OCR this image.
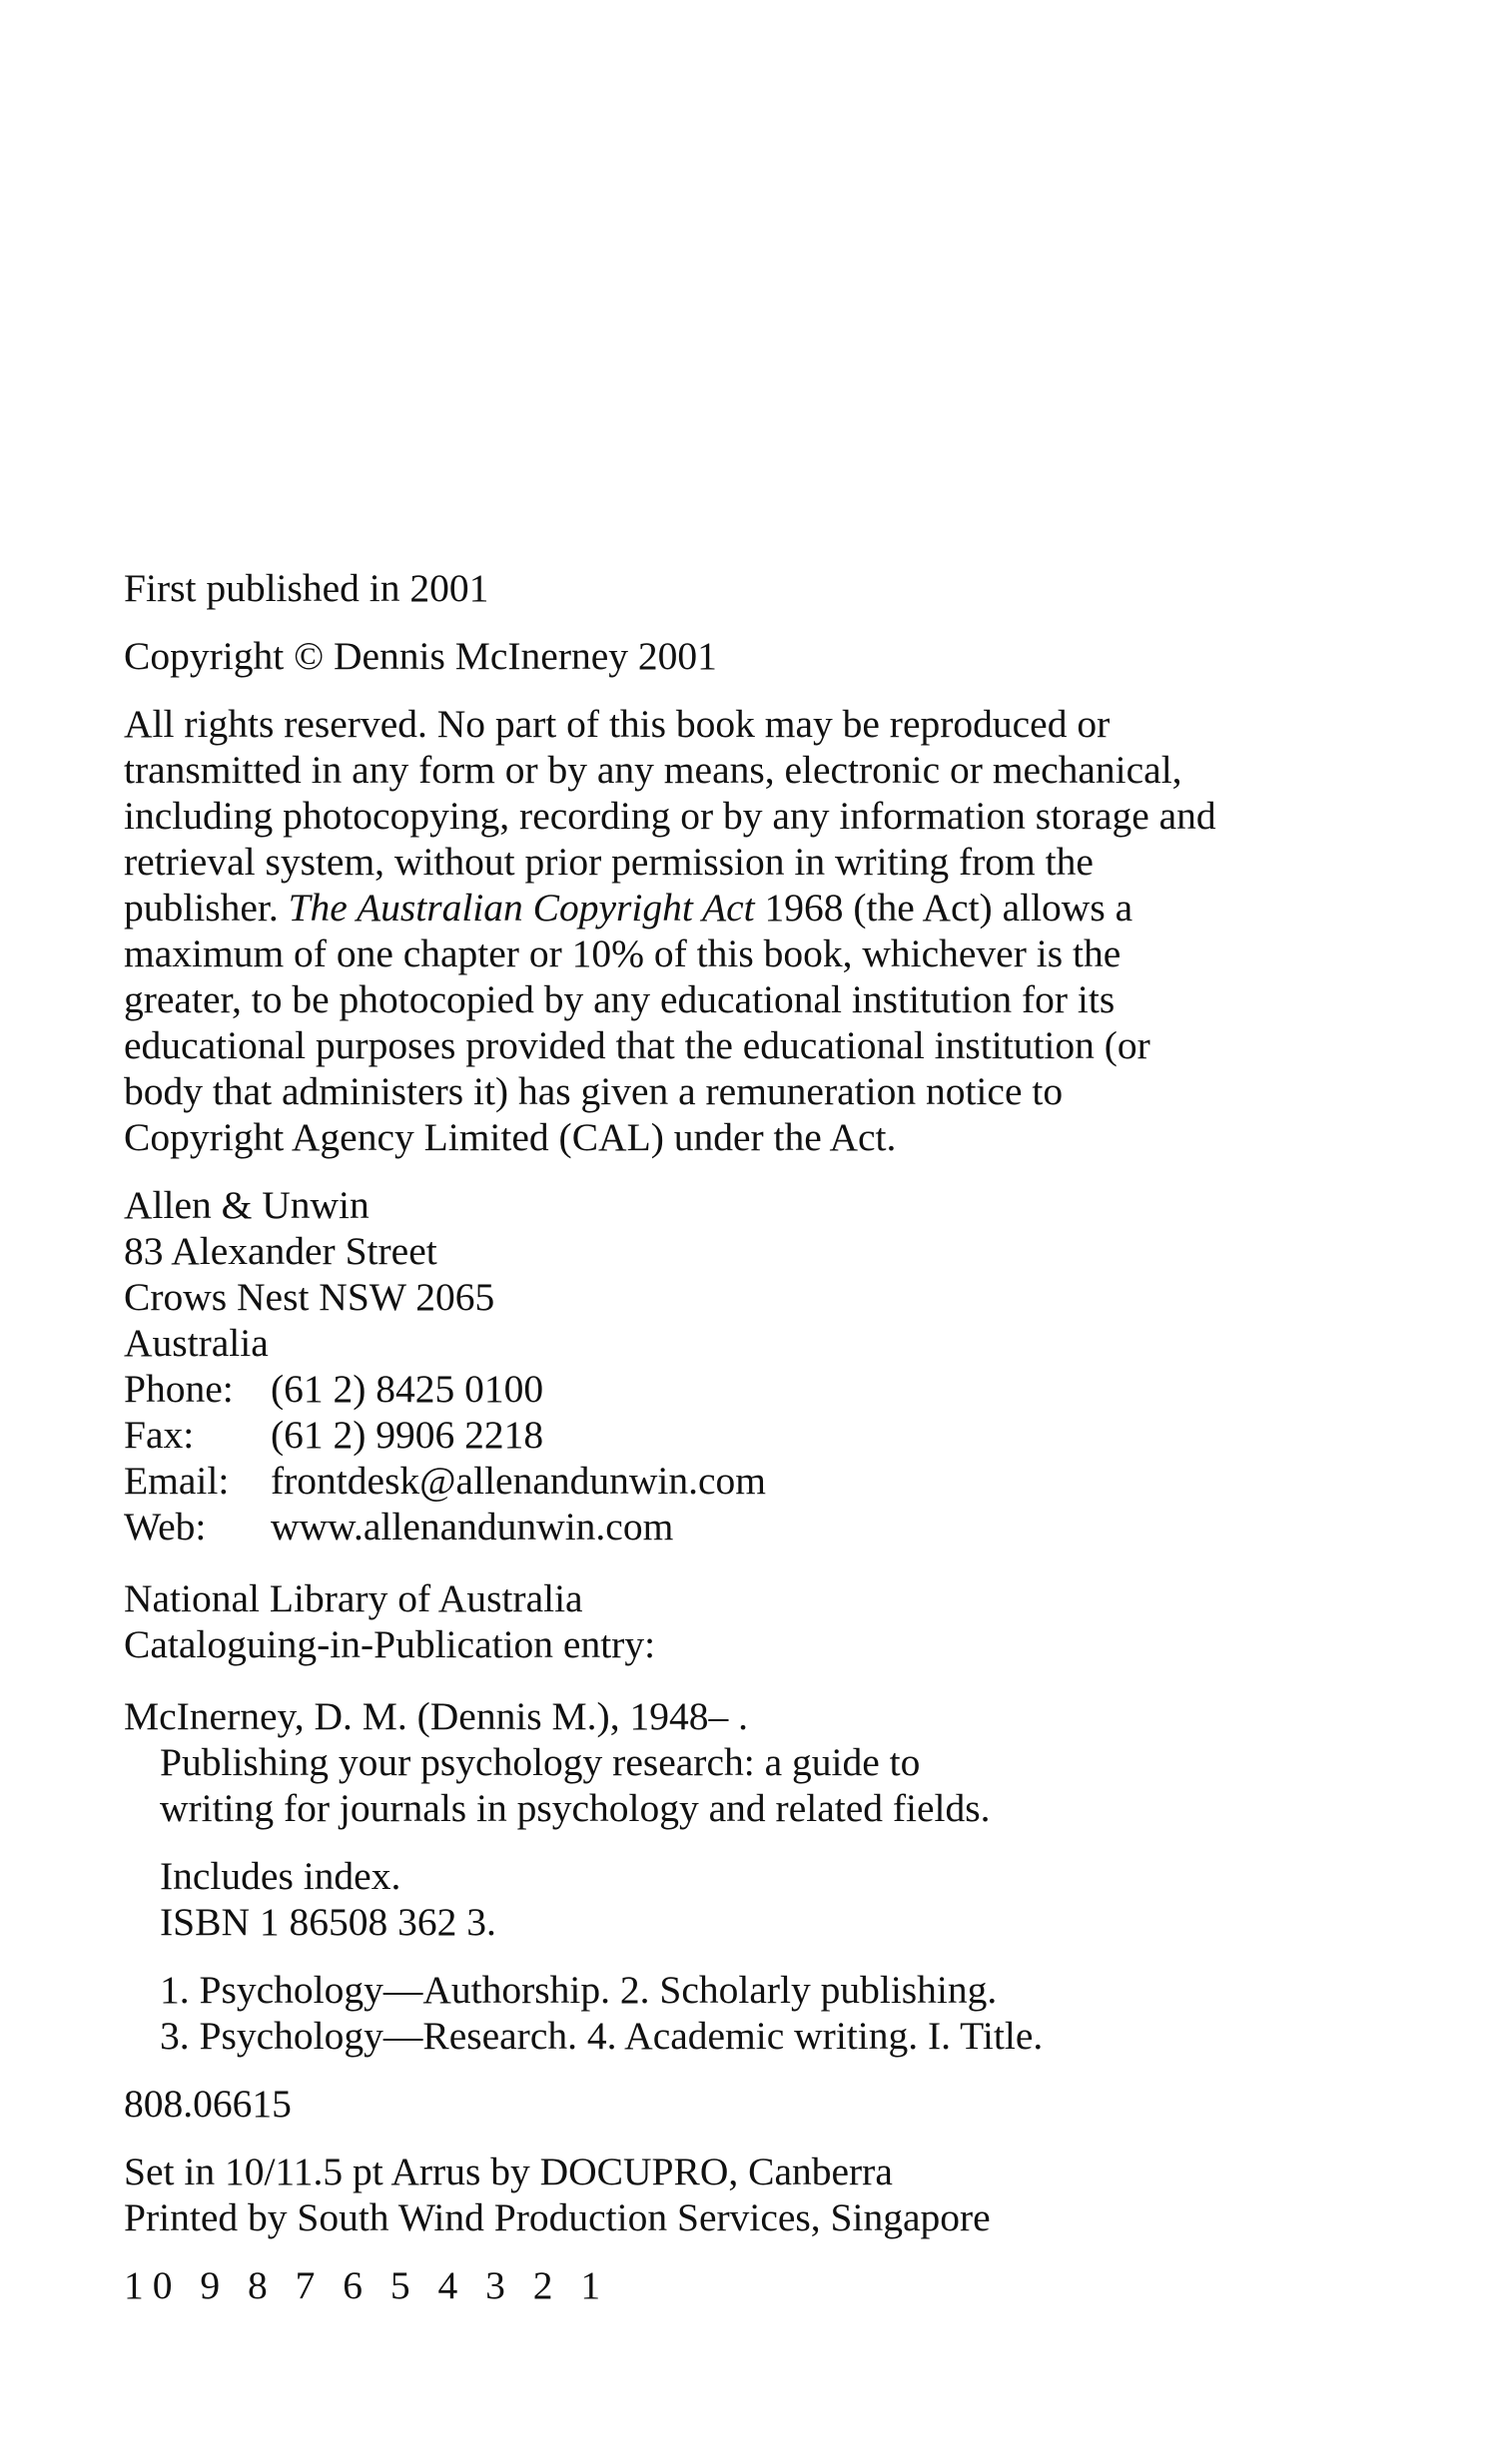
First published in 2001

Copyright © Dennis McInerney 2001

All rights reserved. No part of this book may be reproduced or
transmitted in any form or by any means, electronic or mechanical,
including photocopying, recording or by any information storage and
retrieval system, without prior permission in writing from the
publisher. The Australian Copyright Act 1968 (the Act) allows a
maximum of one chapter or 10% of this book, whichever is the
greater, to be photocopied by any educational institution for its
educational purposes provided that the educational institution (or
body that administers it) has given a remuneration notice to
Copyright Agency Limited (CAL) under the Act.
Allen & Unwin
83 Alexander Street
Crows Nest NSW 2065
Australia
Phone: (61 2) 8425 0100
Fax:	(61 2) 9906 2218
Email:	frontdesk@allenandunwin.com
Web:	www.allenandunwin.com
National Library of Australia
Cataloguing-in-Publication entry:
McInerney, D. M. (Dennis M.), 1948– .
Publishing your psychology research: a guide to
writing for journals in psychology and related fields.
Includes index.
ISBN 1 86508 362 3.
1. Psychology—Authorship. 2. Scholarly publishing.
3. Psychology—Research. 4. Academic writing. I. Title.

808.06615

Set in 10/11.5 pt Arrus by DOCUPRO, Canberra
Printed by South Wind Production Services, Singapore

10 9 8 7 6 5 4 3 2 1
